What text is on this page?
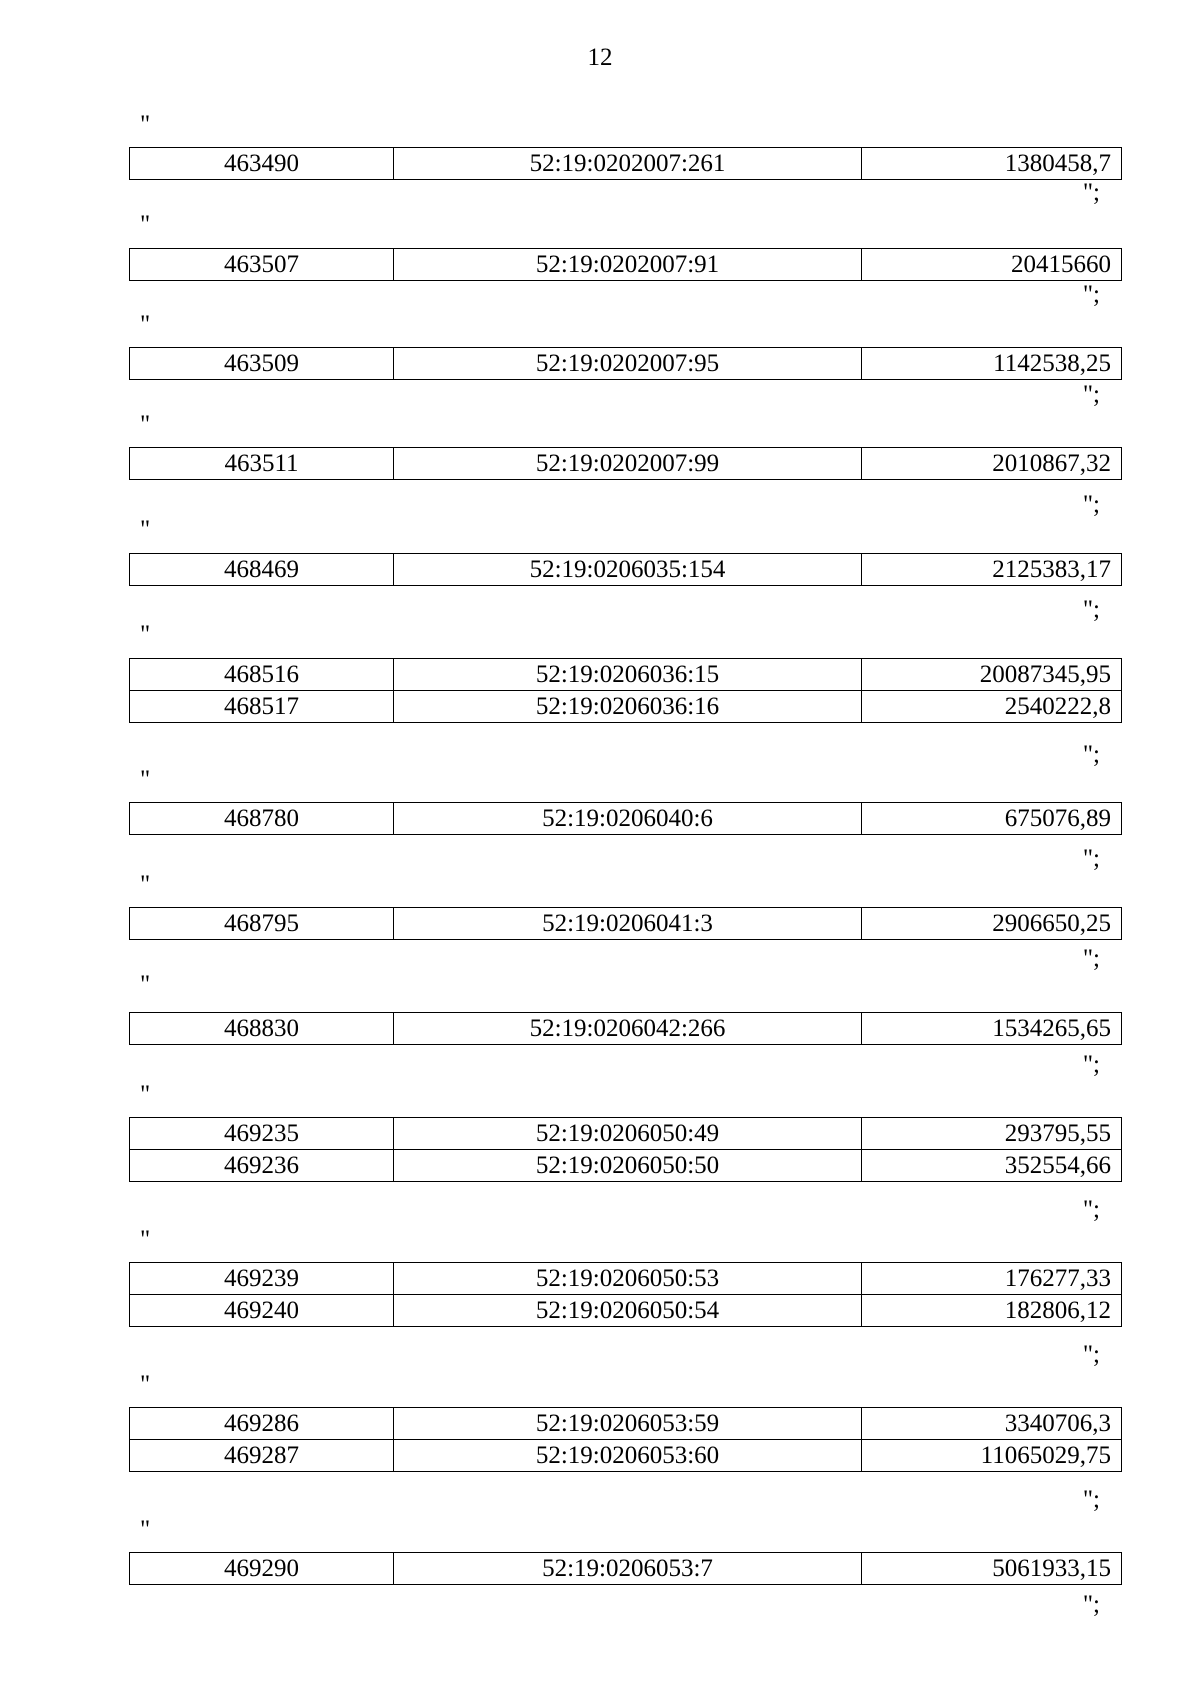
12
"
463490	52:19:0202007:261	1380458,7
";
"
463507	52:19:0202007:91	20415660
";
"
463509	52:19:0202007:95	1142538,25
";
"
463511	52:19:0202007:99	2010867,32
";
"
468469	52:19:0206035:154	2125383,17
";
"
468516	52:19:0206036:15	20087345,95
468517	52:19:0206036:16	2540222,8
";
"
468780	52:19:0206040:6	675076,89
";
"
468795	52:19:0206041:3	2906650,25
";
"
468830	52:19:0206042:266	1534265,65
";
"
469235	52:19:0206050:49	293795,55
469236	52:19:0206050:50	352554,66
";
"
469239	52:19:0206050:53	176277,33
469240	52:19:0206050:54	182806,12
";
"
469286	52:19:0206053:59	3340706,3
469287	52:19:0206053:60	11065029,75
";
"
469290	52:19:0206053:7	5061933,15
";
